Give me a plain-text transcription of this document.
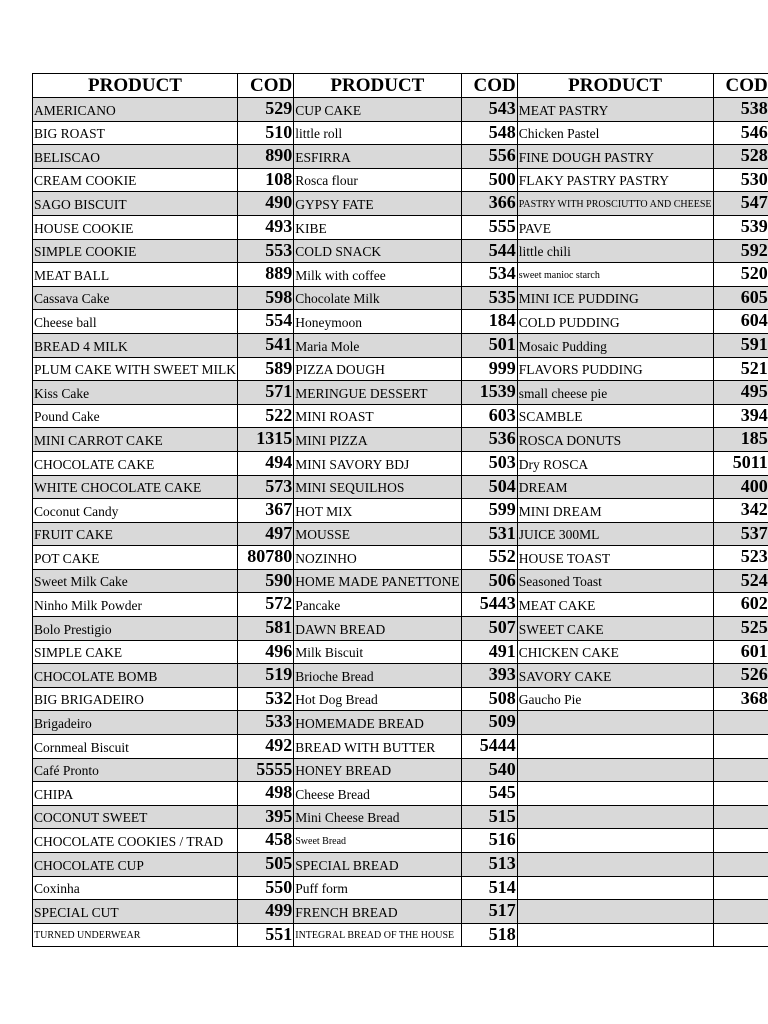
PRODUCT	COD	PRODUCT	COD	PRODUCT	COD
AMERICANO	529	CUP CAKE	543	MEAT PASTRY	538
BIG ROAST	510	little roll	548	Chicken Pastel	546
BELISCAO	890	ESFIRRA	556	FINE DOUGH PASTRY	528
CREAM COOKIE	108	Rosca flour	500	FLAKY PASTRY PASTRY	530
SAGO BISCUIT	490	GYPSY FATE	366	PASTRY WITH PROSCIUTTO AND CHEESE	547
HOUSE COOKIE	493	KIBE	555	PAVE	539
SIMPLE COOKIE	553	COLD SNACK	544	little chili	592
MEAT BALL	889	Milk with coffee	534	sweet manioc starch	520
Cassava Cake	598	Chocolate Milk	535	MINI ICE PUDDING	605
Cheese ball	554	Honeymoon	184	COLD PUDDING	604
BREAD 4 MILK	541	Maria Mole	501	Mosaic Pudding	591
PLUM CAKE WITH SWEET MILK	589	PIZZA DOUGH	999	FLAVORS PUDDING	521
Kiss Cake	571	MERINGUE DESSERT	1539	small cheese pie	495
Pound Cake	522	MINI ROAST	603	SCAMBLE	394
MINI CARROT CAKE	1315	MINI PIZZA	536	ROSCA DONUTS	185
CHOCOLATE CAKE	494	MINI SAVORY BDJ	503	Dry ROSCA	5011
WHITE CHOCOLATE CAKE	573	MINI SEQUILHOS	504	DREAM	400
Coconut Candy	367	HOT MIX	599	MINI DREAM	342
FRUIT CAKE	497	MOUSSE	531	JUICE 300ML	537
POT CAKE	80780	NOZINHO	552	HOUSE TOAST	523
Sweet Milk Cake	590	HOME MADE PANETTONE	506	Seasoned Toast	524
Ninho Milk Powder	572	Pancake	5443	MEAT CAKE	602
Bolo Prestigio	581	DAWN BREAD	507	SWEET CAKE	525
SIMPLE CAKE	496	Milk Biscuit	491	CHICKEN CAKE	601
CHOCOLATE BOMB	519	Brioche Bread	393	SAVORY CAKE	526
BIG BRIGADEIRO	532	Hot Dog Bread	508	Gaucho Pie	368
Brigadeiro	533	HOMEMADE BREAD	509		
Cornmeal Biscuit	492	BREAD WITH BUTTER	5444		
Café Pronto	5555	HONEY BREAD	540		
CHIPA	498	Cheese Bread	545		
COCONUT SWEET	395	Mini Cheese Bread	515		
CHOCOLATE COOKIES / TRAD	458	Sweet Bread	516		
CHOCOLATE CUP	505	SPECIAL BREAD	513		
Coxinha	550	Puff form	514		
SPECIAL CUT	499	FRENCH BREAD	517		
TURNED UNDERWEAR	551	INTEGRAL BREAD OF THE HOUSE	518		
